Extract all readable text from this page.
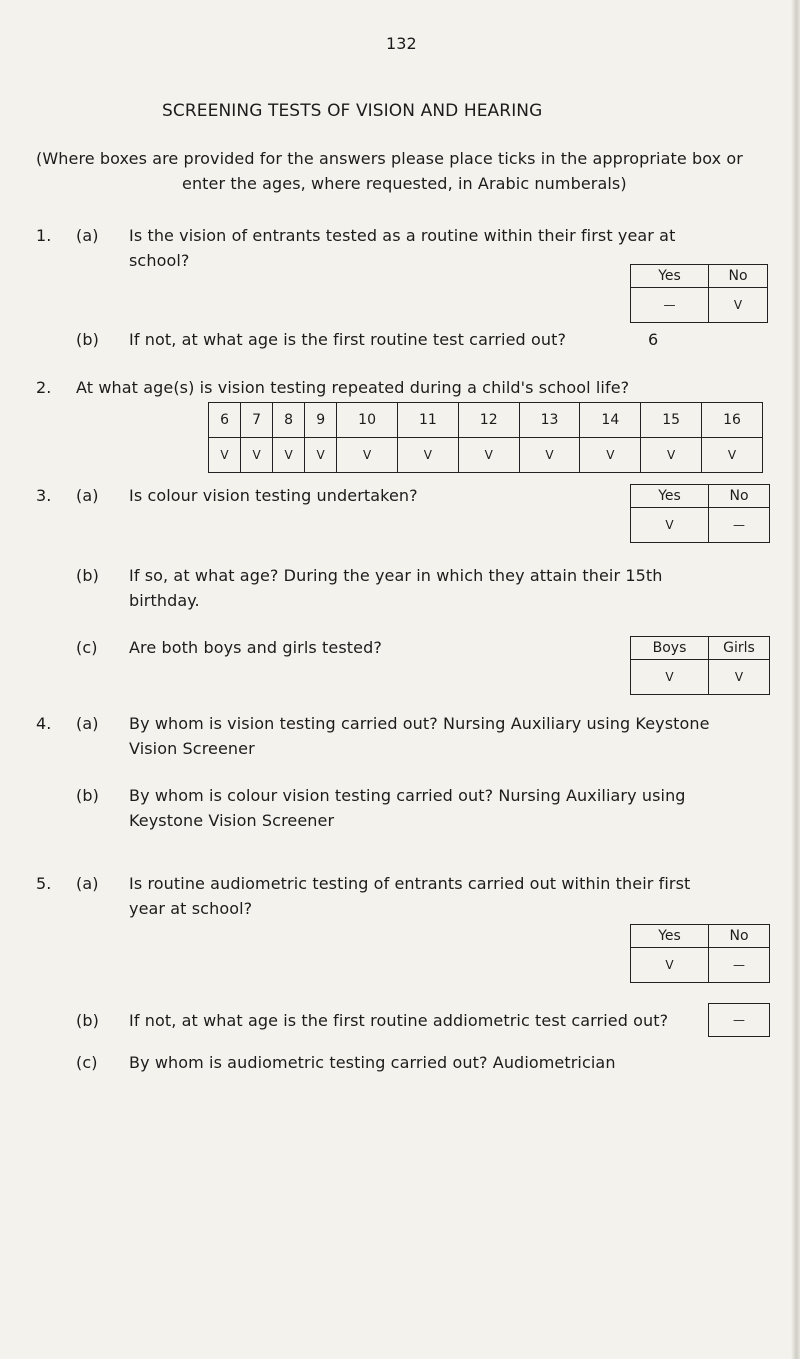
132
SCREENING TESTS OF VISION AND HEARING
(Where boxes are provided for the answers please place ticks in the appropriate box or
enter the ages, where requested, in Arabic numberals)
1. (a) Is the vision of entrants tested as a routine within their first year at
school?
Yes	No
—	V
(b) If not, at what age is the first routine test carried out?	6
2. At what age(s) is vision testing repeated during a child's school life?
6	7	8	9	10	11	12	13	14	15	16
V	V	V	V	V	V	V	V	V	V	V
3. (a) Is colour vision testing undertaken?	Yes	No
V	—
(b) If so, at what age? During the year in which they attain their 15th
birthday.
(c) Are both boys and girls tested?	Boys	Girls
V	V
4. (a) By whom is vision testing carried out? Nursing Auxiliary using Keystone
Vision Screener
(b) By whom is colour vision testing carried out? Nursing Auxiliary using
Keystone Vision Screener
5. (a) Is routine audiometric testing of entrants carried out within their first
year at school?
Yes	No
V	—
(b) If not, at what age is the first routine addiometric test carried out?	—
(c) By whom is audiometric testing carried out? Audiometrician
